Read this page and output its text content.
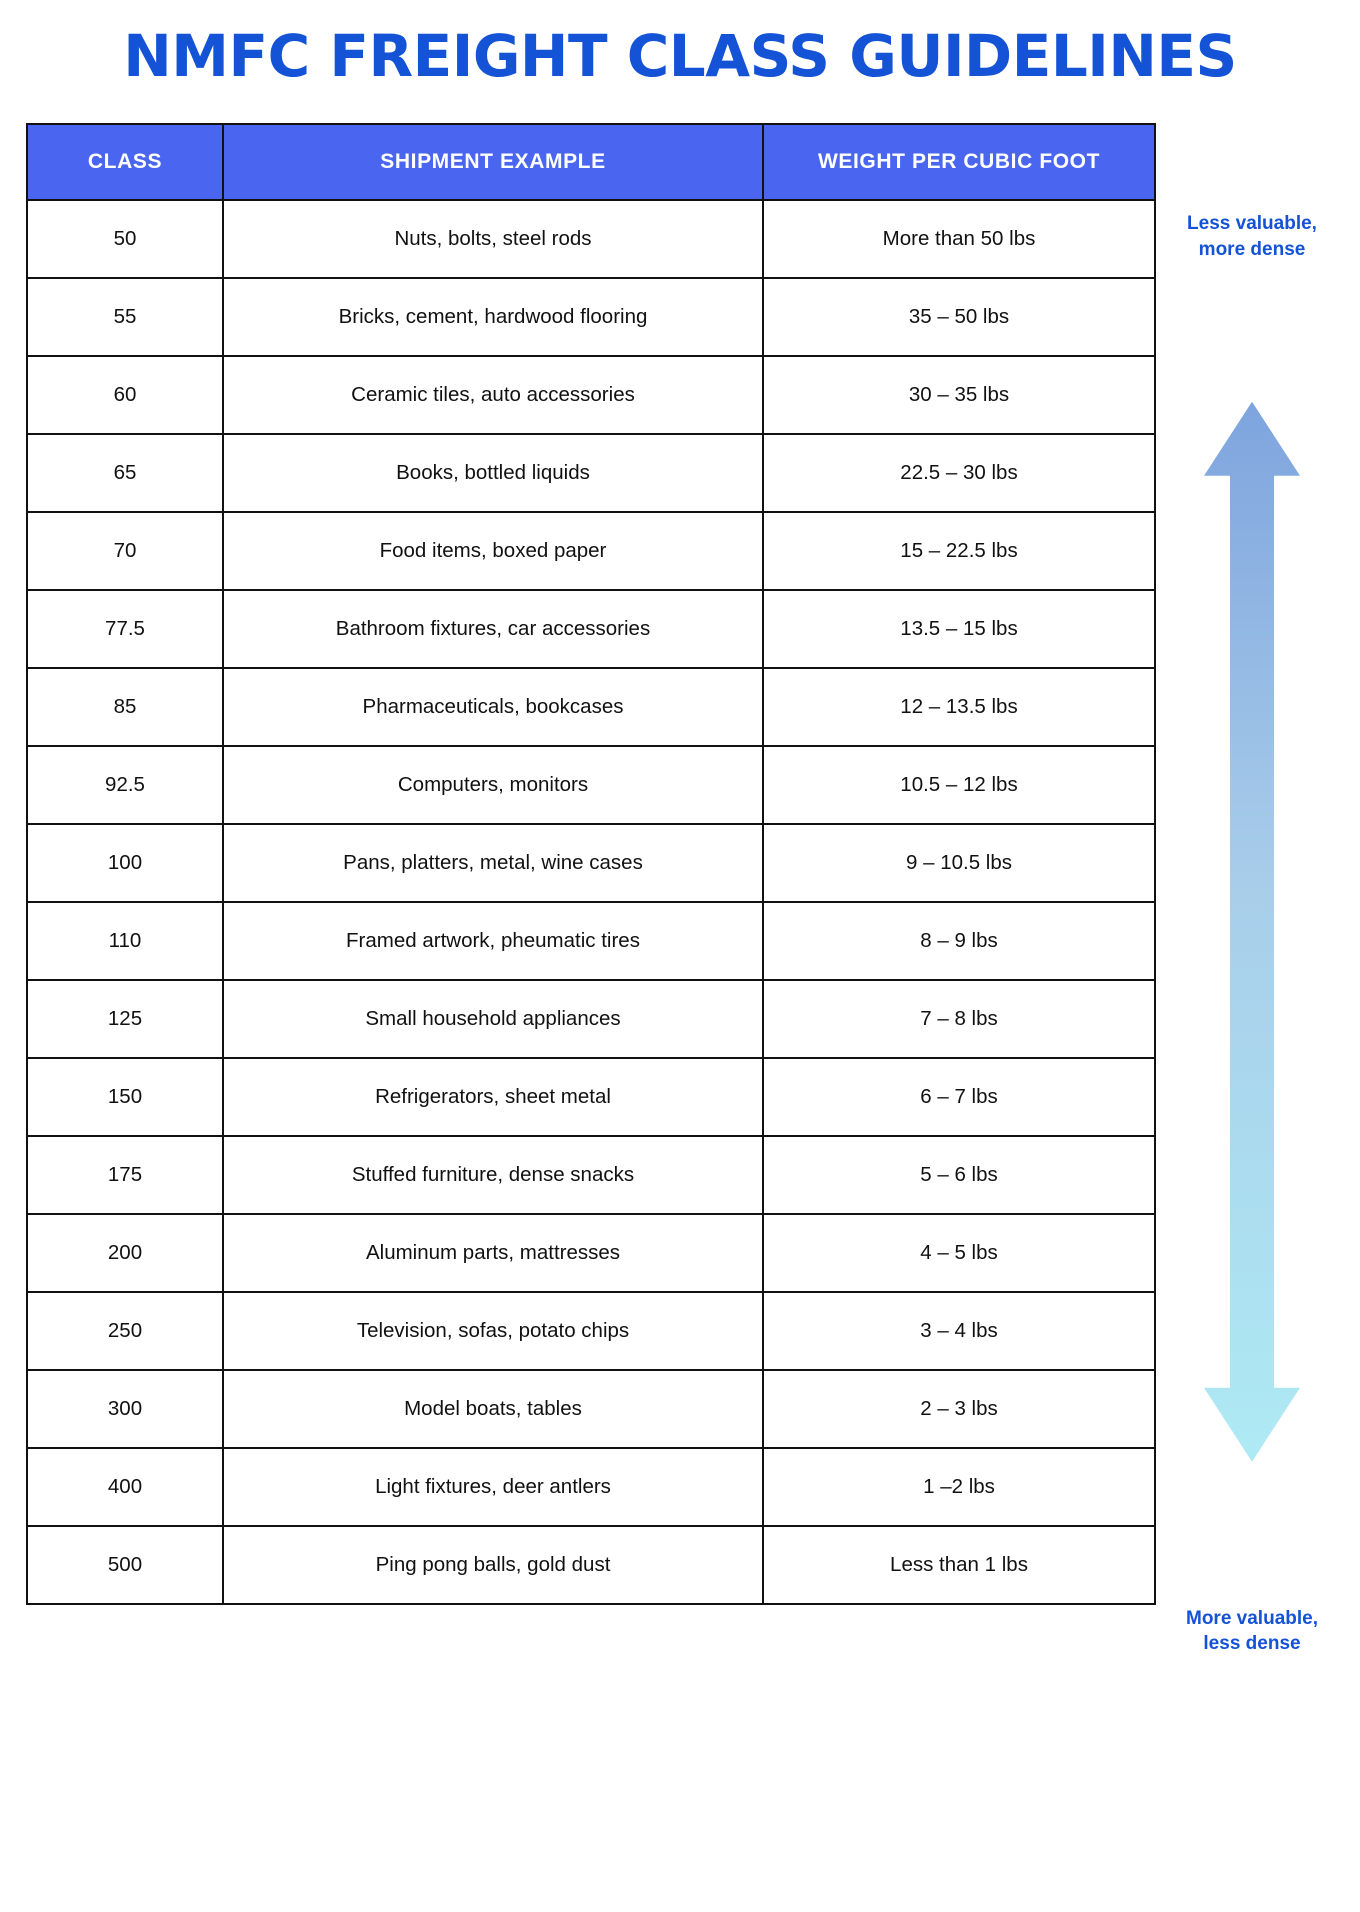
NMFC FREIGHT CLASS GUIDELINES
CLASS	SHIPMENT EXAMPLE	WEIGHT PER CUBIC FOOT
50	Nuts, bolts, steel rods	More than 50 lbs
55	Bricks, cement, hardwood flooring	35 – 50 lbs
60	Ceramic tiles, auto accessories	30 – 35 lbs
65	Books, bottled liquids	22.5 – 30 lbs
70	Food items, boxed paper	15 – 22.5 lbs
77.5	Bathroom fixtures, car accessories	13.5 – 15 lbs
85	Pharmaceuticals, bookcases	12 – 13.5 lbs
92.5	Computers, monitors	10.5 – 12 lbs
100	Pans, platters, metal, wine cases	9 – 10.5 lbs
110	Framed artwork, pheumatic tires	8 – 9 lbs
125	Small household appliances	7 – 8 lbs
150	Refrigerators, sheet metal	6 – 7 lbs
175	Stuffed furniture, dense snacks	5 – 6 lbs
200	Aluminum parts, mattresses	4 – 5 lbs
250	Television, sofas, potato chips	3 – 4 lbs
300	Model boats, tables	2 – 3 lbs
400	Light fixtures, deer antlers	1 –2 lbs
500	Ping pong balls, gold dust	Less than 1 lbs
Less valuable, more dense
More valuable, less dense
